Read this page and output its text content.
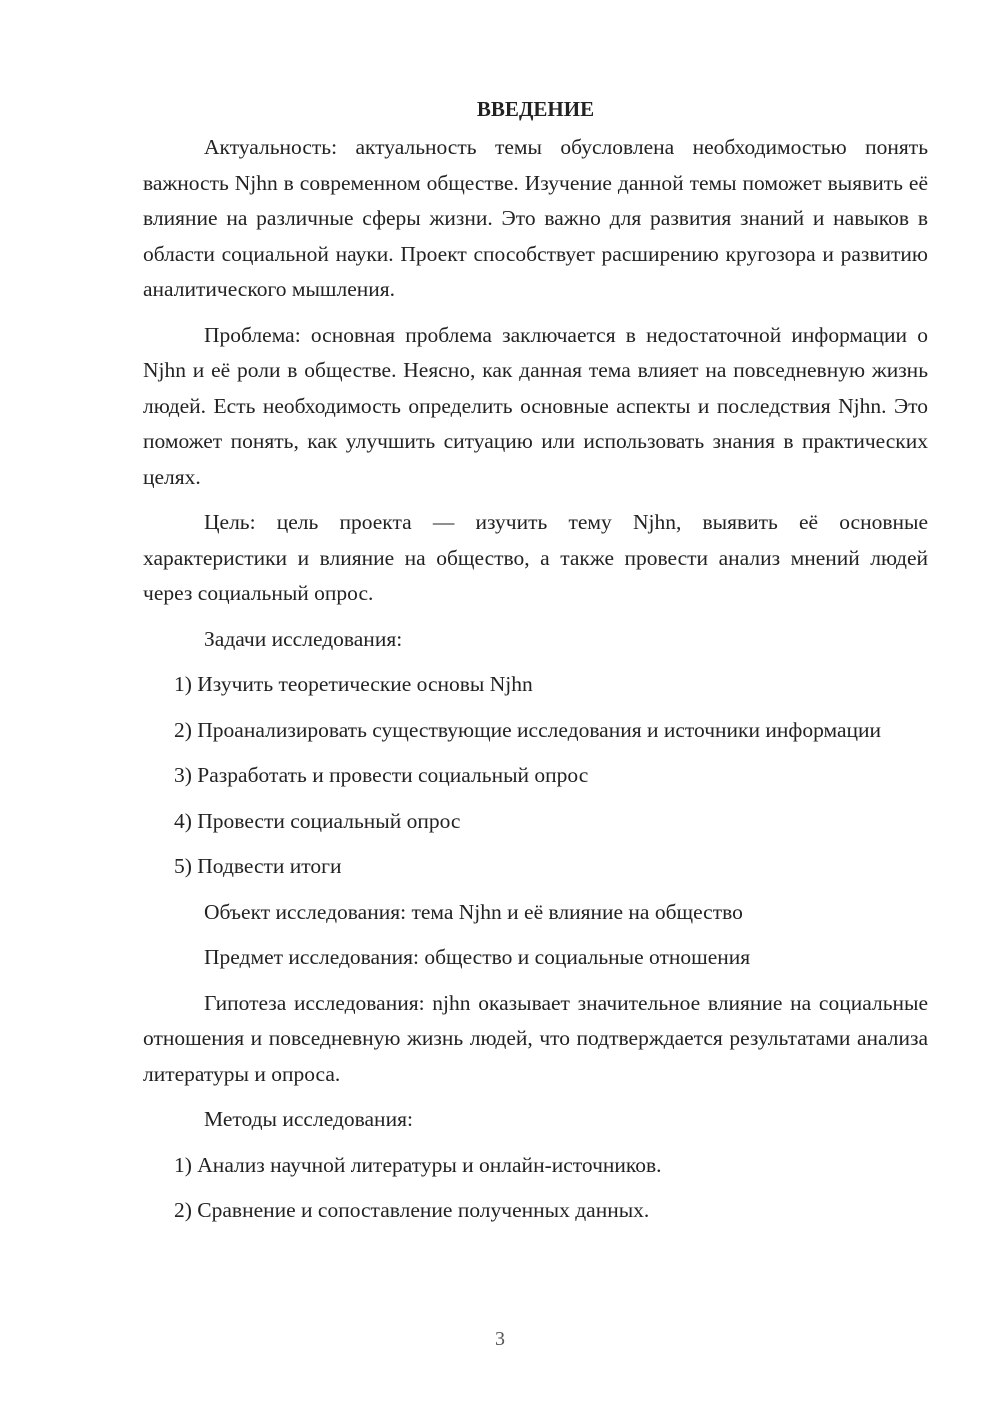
ВВЕДЕНИЕ

Актуальность: актуальность темы обусловлена необходимостью понять важность Njhn в современном обществе. Изучение данной темы поможет выявить её влияние на различные сферы жизни. Это важно для развития знаний и навыков в области социальной науки. Проект способствует расширению кругозора и развитию аналитического мышления.

Проблема: основная проблема заключается в недостаточной информации о Njhn и её роли в обществе. Неясно, как данная тема влияет на повседневную жизнь людей. Есть необходимость определить основные аспекты и последствия Njhn. Это поможет понять, как улучшить ситуацию или использовать знания в практических целях.

Цель: цель проекта — изучить тему Njhn, выявить её основные характеристики и влияние на общество, а также провести анализ мнений людей через социальный опрос.

Задачи исследования:

1) Изучить теоретические основы Njhn

2) Проанализировать существующие исследования и источники информации

3) Разработать и провести социальный опрос

4) Провести социальный опрос

5) Подвести итоги

Объект исследования: тема Njhn и её влияние на общество

Предмет исследования: общество и социальные отношения

Гипотеза исследования: njhn оказывает значительное влияние на социальные отношения и повседневную жизнь людей, что подтверждается результатами анализа литературы и опроса.

Методы исследования:

1) Анализ научной литературы и онлайн-источников.

2) Сравнение и сопоставление полученных данных.

3
